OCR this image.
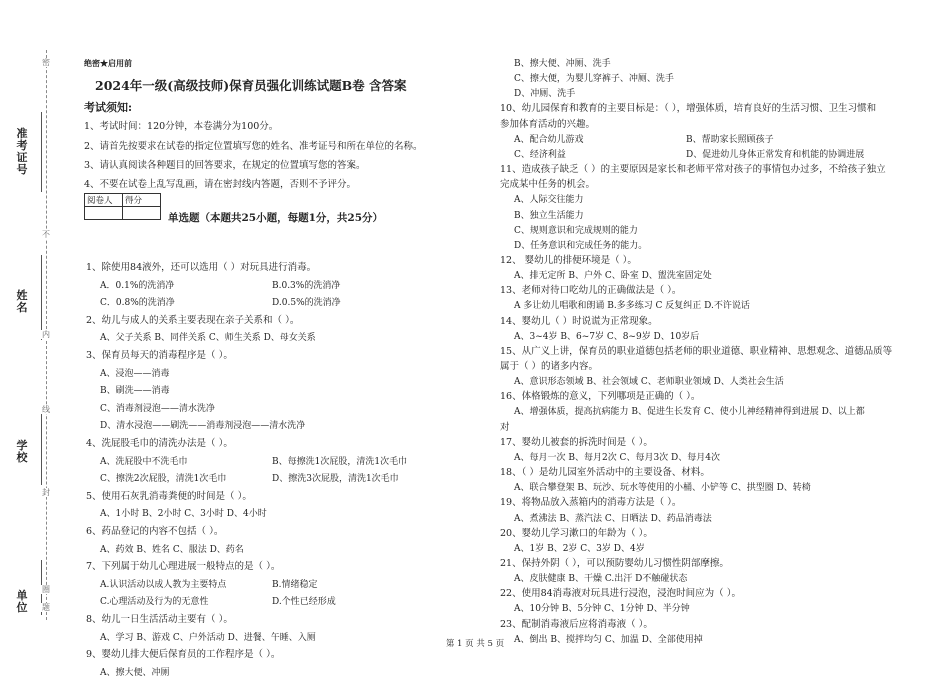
准考证号
姓名
学校
单位
密
不
内
线
封
圈
题
绝密★启用前
2024年一级(高级技师)保育员强化训练试题B卷 含答案
考试须知:
1、考试时间：120分钟，本卷满分为100分。
2、请首先按要求在试卷的指定位置填写您的姓名、准考证号和所在单位的名称。
3、请认真阅读各种题目的回答要求，在规定的位置填写您的答案。
4、不要在试卷上乱写乱画，请在密封线内答题，否则不予评分。
阅卷人	得分

单选题（本题共25小题，每题1分，共25分）
1、除使用84液外，还可以选用（ ）对玩具进行消毒。
A．0.1%的洗消净	B.0.3%的洗消净
C．0.8%的洗消净	D.0.5%的洗消净
2、幼儿与成人的关系主要表现在亲子关系和（ ）。
A、父子关系 B、同伴关系 C、师生关系 D、母女关系
3、保育员每天的消毒程序是（ ）。
A、浸泡——消毒
B、刷洗——消毒
C、消毒剂浸泡——清水洗净
D、清水浸泡——刷洗——消毒剂浸泡——清水洗净
4、洗屁股毛巾的清洗办法是（ ）。
A、洗屁股中不洗毛巾	B、每擦洗1次屁股，清洗1次毛巾
C、擦洗2次屁股，清洗1次毛巾	D、擦洗3次屁股，清洗1次毛巾
5、使用石灰乳消毒粪便的时间是（ ）。
A、1小时 B、2小时 C、3小时 D、4小时
6、药品登记的内容不包括（ ）。
A、药效 B、姓名 C、服法 D、药名
7、下列属于幼儿心理进展一般特点的是（ ）。
A.认识活动以成人教为主要特点	B.情绪稳定
C.心理活动及行为的无意性	D.个性已经形成
8、幼儿一日生活活动主要有（ ）。
A、学习 B、游戏 C、户外活动 D、进餐、午睡、入厕
9、婴幼儿排大便后保育员的工作程序是（ ）。
A、擦大便、冲厕
B、擦大便、冲厕、洗手
C、擦大便，为婴儿穿裤子、冲厕、洗手
D、冲厕、洗手
10、幼儿园保育和教育的主要目标是：（ ），增强体质，培育良好的生活习惯、卫生习惯和
参加体育活动的兴趣。
A、配合幼儿游戏	B、帮助家长照顾孩子
C、经济利益	D、促进幼儿身体正常发育和机能的协调进展
11、造成孩子缺乏（ ）的主要原因是家长和老师平常对孩子的事情包办过多，不给孩子独立
完成某中任务的机会。
A、人际交往能力
B、独立生活能力
C、规则意识和完成规则的能力
D、任务意识和完成任务的能力。
12、 婴幼儿的排便环境是（ ）。
A、排无定所 B、户外 C、卧室 D、盥洗室固定处
13、老师对待口吃幼儿的正确做法是（ ）。
A 多让幼儿唱歌和朗诵 B.多多练习 C 反复纠正 D.不许说话
14、婴幼儿（ ）时说谎为正常现象。
A、3~4岁 B、6~7岁 C、8~9岁 D、10岁后
15、从广义上讲，保育员的职业道德包括老师的职业道德、职业精神、思想观念、道德品质等
属于（ ）的诸多内容。
A、意识形态领域 B、社会领域 C、老师职业领域 D、人类社会生活
16、体格锻炼的意义，下列哪项是正确的（ ）。
A、增强体质，提高抗病能力 B、促进生长发育 C、使小儿神经精神得到进展 D、以上都
对
17、婴幼儿被套的拆洗时间是（ ）。
A、每月一次 B、每月2次 C、每月3次 D、每月4次
18、（ ）是幼儿园室外活动中的主要设备、材料。
A、联合攀登架 B、玩沙、玩水等使用的小桶、小铲等 C、拱型圈 D、转椅
19、将物品放入蒸箱内的消毒方法是（ ）。
A、煮沸法 B、蒸汽法 C、日晒法 D、药品消毒法
20、婴幼儿学习漱口的年龄为（ ）。
A、1岁 B、2岁 C、3岁 D、4岁
21、保持外阴（ ），可以预防婴幼儿习惯性阴部摩擦。
A、皮肤健康 B、干燥 C.出汗 D不触碰状态
22、使用84消毒液对玩具进行浸泡，浸泡时间应为（ ）。
A、10分钟 B、5分钟 C、1分钟 D、半分钟
23、配制消毒液后应将消毒液（ ）。
A、倒出 B、搅拌均匀 C、加温 D、全部使用掉
第 1 页 共 5 页
